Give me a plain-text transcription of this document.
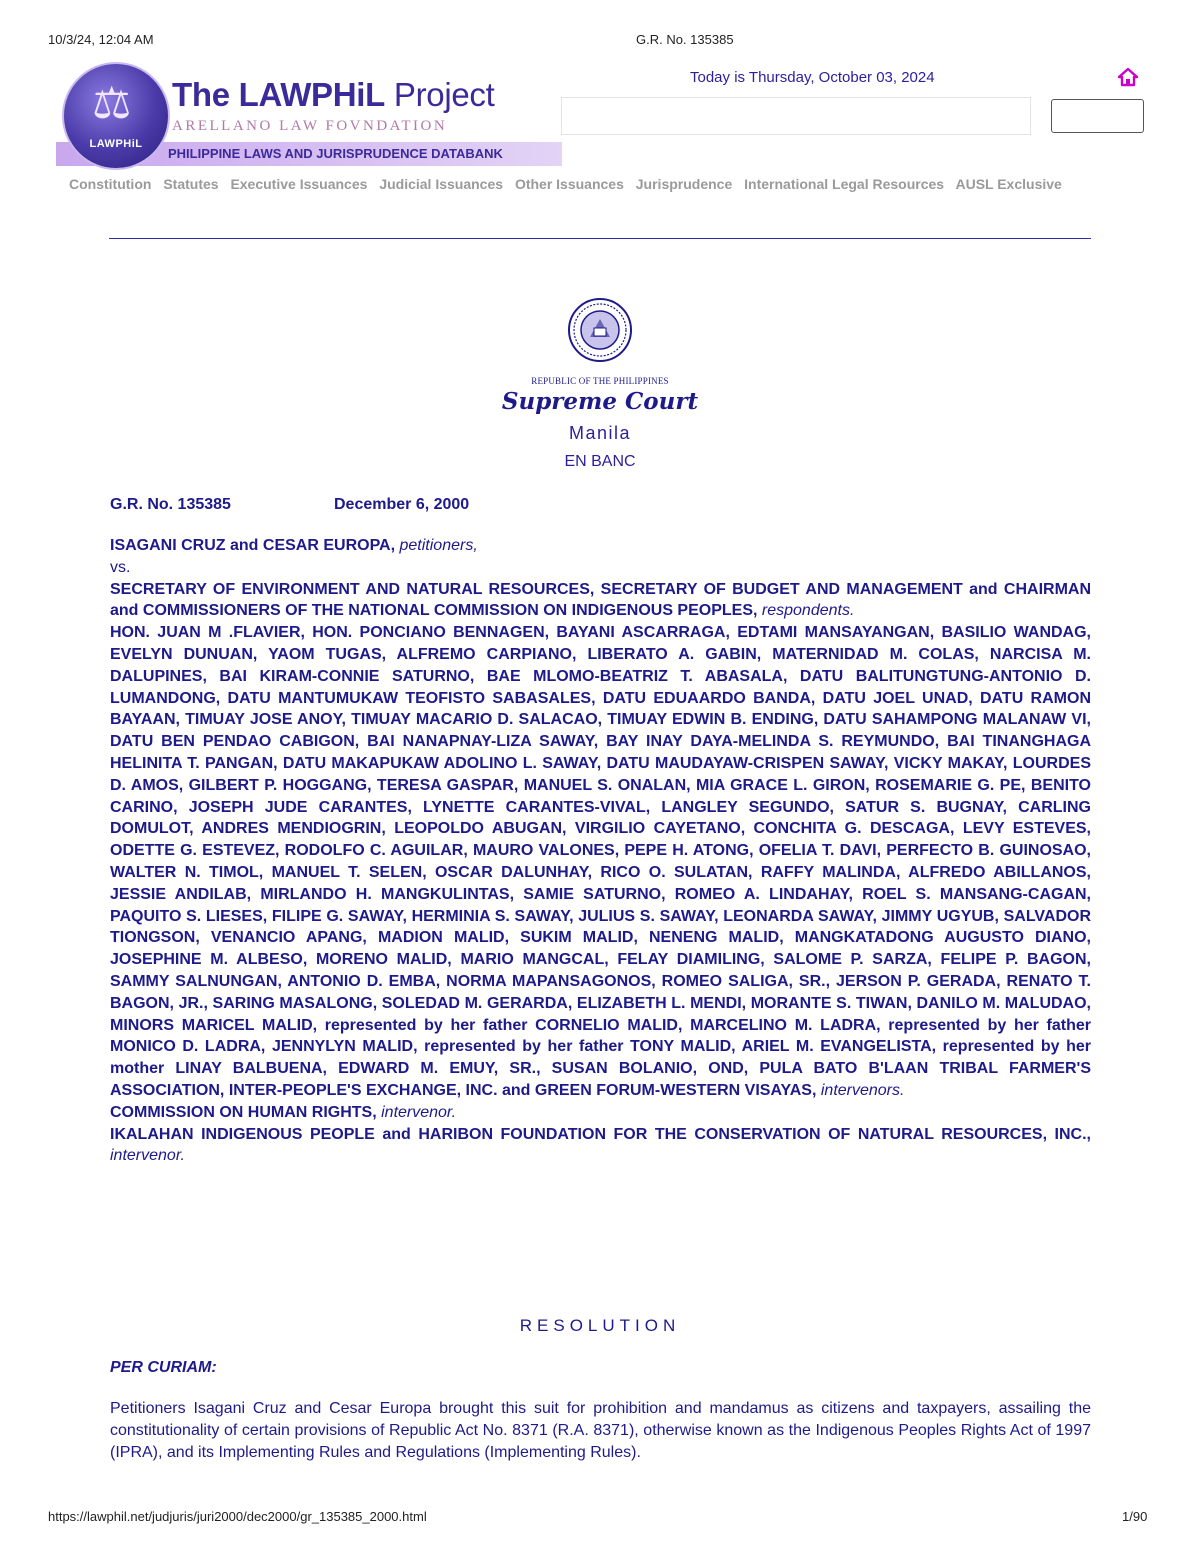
10/3/24, 12:04 AM	G.R. No. 135385
⚖
LAWPHiL
The LAWPHiL Project
ARELLANO LAW FOVNDATION
PHILIPPINE LAWS AND JURISPRUDENCE DATABANK
Today is Thursday, October 03, 2024
Constitution Statutes Executive Issuances Judicial Issuances Other Issuances Jurisprudence International Legal Resources AUSL Exclusive
REPUBLIC OF THE PHILIPPINES
Supreme Court
Manila
EN BANC
G.R. No. 135385	December 6, 2000
ISAGANI CRUZ and CESAR EUROPA, petitioners,
vs.
SECRETARY OF ENVIRONMENT AND NATURAL RESOURCES, SECRETARY OF BUDGET AND MANAGEMENT and CHAIRMAN and COMMISSIONERS OF THE NATIONAL COMMISSION ON INDIGENOUS PEOPLES, respondents.
HON. JUAN M .FLAVIER, HON. PONCIANO BENNAGEN, BAYANI ASCARRAGA, EDTAMI MANSAYANGAN, BASILIO WANDAG, EVELYN DUNUAN, YAOM TUGAS, ALFREMO CARPIANO, LIBERATO A. GABIN, MATERNIDAD M. COLAS, NARCISA M. DALUPINES, BAI KIRAM-CONNIE SATURNO, BAE MLOMO-BEATRIZ T. ABASALA, DATU BALITUNGTUNG-ANTONIO D. LUMANDONG, DATU MANTUMUKAW TEOFISTO SABASALES, DATU EDUAARDO BANDA, DATU JOEL UNAD, DATU RAMON BAYAAN, TIMUAY JOSE ANOY, TIMUAY MACARIO D. SALACAO, TIMUAY EDWIN B. ENDING, DATU SAHAMPONG MALANAW VI, DATU BEN PENDAO CABIGON, BAI NANAPNAY-LIZA SAWAY, BAY INAY DAYA-MELINDA S. REYMUNDO, BAI TINANGHAGA HELINITA T. PANGAN, DATU MAKAPUKAW ADOLINO L. SAWAY, DATU MAUDAYAW-CRISPEN SAWAY, VICKY MAKAY, LOURDES D. AMOS, GILBERT P. HOGGANG, TERESA GASPAR, MANUEL S. ONALAN, MIA GRACE L. GIRON, ROSEMARIE G. PE, BENITO CARINO, JOSEPH JUDE CARANTES, LYNETTE CARANTES-VIVAL, LANGLEY SEGUNDO, SATUR S. BUGNAY, CARLING DOMULOT, ANDRES MENDIOGRIN, LEOPOLDO ABUGAN, VIRGILIO CAYETANO, CONCHITA G. DESCAGA, LEVY ESTEVES, ODETTE G. ESTEVEZ, RODOLFO C. AGUILAR, MAURO VALONES, PEPE H. ATONG, OFELIA T. DAVI, PERFECTO B. GUINOSAO, WALTER N. TIMOL, MANUEL T. SELEN, OSCAR DALUNHAY, RICO O. SULATAN, RAFFY MALINDA, ALFREDO ABILLANOS, JESSIE ANDILAB, MIRLANDO H. MANGKULINTAS, SAMIE SATURNO, ROMEO A. LINDAHAY, ROEL S. MANSANG-CAGAN, PAQUITO S. LIESES, FILIPE G. SAWAY, HERMINIA S. SAWAY, JULIUS S. SAWAY, LEONARDA SAWAY, JIMMY UGYUB, SALVADOR TIONGSON, VENANCIO APANG, MADION MALID, SUKIM MALID, NENENG MALID, MANGKATADONG AUGUSTO DIANO, JOSEPHINE M. ALBESO, MORENO MALID, MARIO MANGCAL, FELAY DIAMILING, SALOME P. SARZA, FELIPE P. BAGON, SAMMY SALNUNGAN, ANTONIO D. EMBA, NORMA MAPANSAGONOS, ROMEO SALIGA, SR., JERSON P. GERADA, RENATO T. BAGON, JR., SARING MASALONG, SOLEDAD M. GERARDA, ELIZABETH L. MENDI, MORANTE S. TIWAN, DANILO M. MALUDAO, MINORS MARICEL MALID, represented by her father CORNELIO MALID, MARCELINO M. LADRA, represented by her father MONICO D. LADRA, JENNYLYN MALID, represented by her father TONY MALID, ARIEL M. EVANGELISTA, represented by her mother LINAY BALBUENA, EDWARD M. EMUY, SR., SUSAN BOLANIO, OND, PULA BATO B'LAAN TRIBAL FARMER'S ASSOCIATION, INTER-PEOPLE'S EXCHANGE, INC. and GREEN FORUM-WESTERN VISAYAS, intervenors.
COMMISSION ON HUMAN RIGHTS, intervenor.
IKALAHAN INDIGENOUS PEOPLE and HARIBON FOUNDATION FOR THE CONSERVATION OF NATURAL RESOURCES, INC., intervenor.
RESOLUTION
PER CURIAM:
Petitioners Isagani Cruz and Cesar Europa brought this suit for prohibition and mandamus as citizens and taxpayers, assailing the constitutionality of certain provisions of Republic Act No. 8371 (R.A. 8371), otherwise known as the Indigenous Peoples Rights Act of 1997 (IPRA), and its Implementing Rules and Regulations (Implementing Rules).
https://lawphil.net/judjuris/juri2000/dec2000/gr_135385_2000.html	1/90
